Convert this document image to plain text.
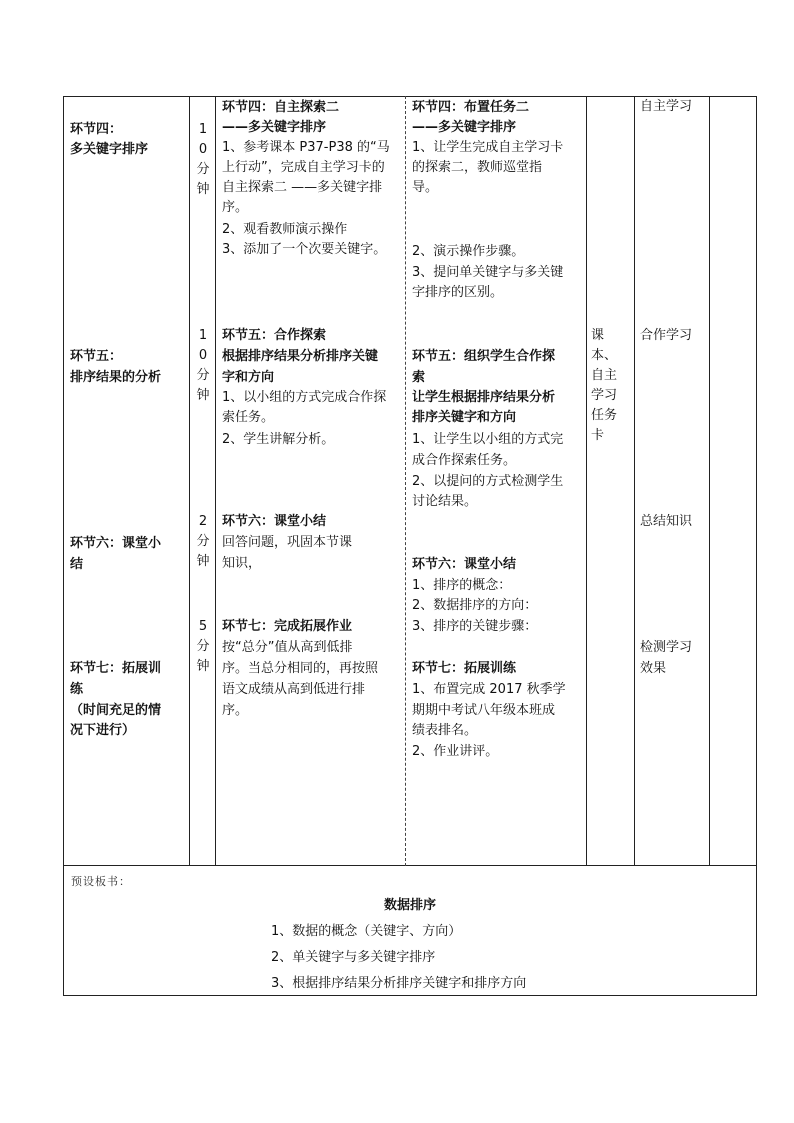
环节四：
多关键字排序
1
0
分
钟
环节四：自主探索二
——多关键字排序
1、参考课本 P37-P38 的“马
上行动”，完成自主学习卡的
自主探索二 ——多关键字排
序。
2、观看教师演示操作
3、添加了一个次要关键字。
环节四：布置任务二
——多关键字排序
1、让学生完成自主学习卡
的探索二，教师巡堂指
导。
2、演示操作步骤。
3、提问单关键字与多关键
字排序的区别。
自主学习
环节五：
排序结果的分析
1
0
分
钟
环节五：合作探索
根据排序结果分析排序关键
字和方向
1、以小组的方式完成合作探
索任务。
2、学生讲解分析。
环节五：组织学生合作探
索
让学生根据排序结果分析
排序关键字和方向
1、让学生以小组的方式完
成合作探索任务。
2、以提问的方式检测学生
讨论结果。
课
本、
自主
学习
任务
卡
合作学习
环节六：课堂小
结
2
分
钟
环节六：课堂小结
回答问题，巩固本节课
知识，	环节六：课堂小结
1、排序的概念：
2、数据排序的方向：
3、排序的关键步骤：
总结知识
环节七：拓展训
练
（时间充足的情
况下进行）
5
分
钟
环节七：完成拓展作业
按“总分”值从高到低排
序。当总分相同的，再按照
语文成绩从高到低进行排
序。
环节七：拓展训练
1、布置完成 2017 秋季学
期期中考试八年级本班成
绩表排名。
2、作业讲评。
检测学习
效果
预设板书：
数据排序
1、数据的概念（关键字、方向）
2、单关键字与多关键字排序
3、根据排序结果分析排序关键字和排序方向
